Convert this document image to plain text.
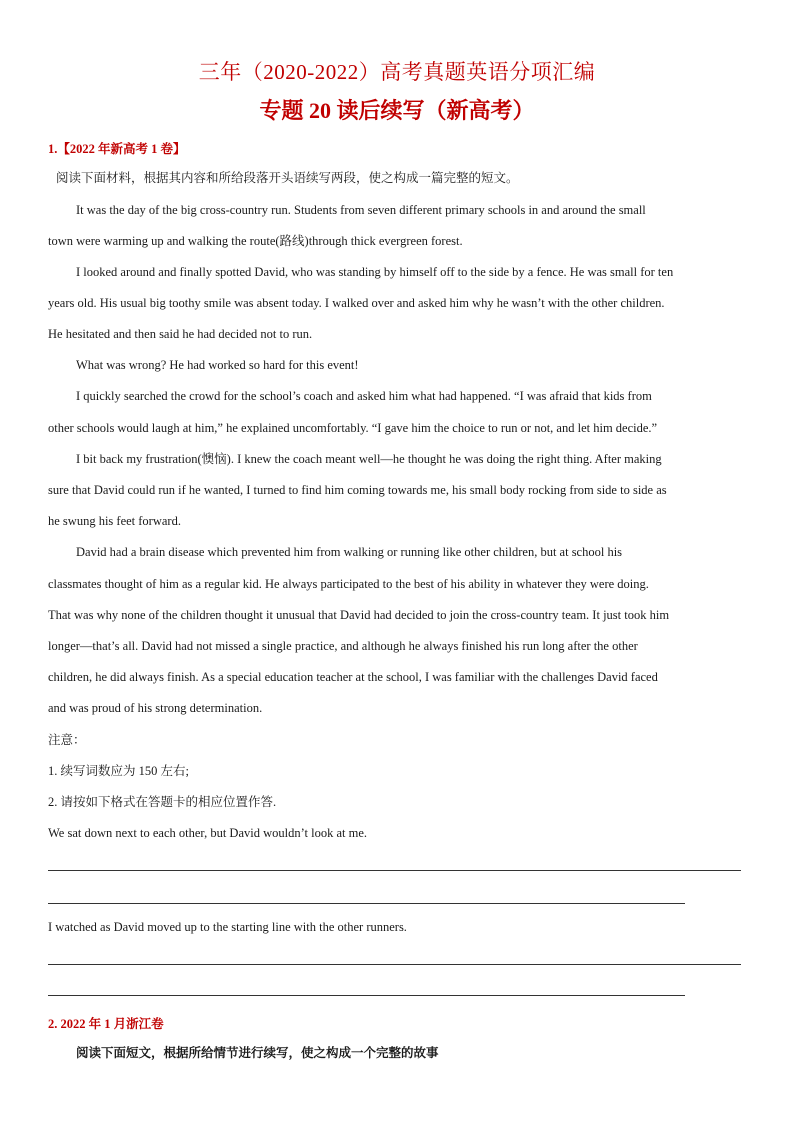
三年（2020-2022）高考真题英语分项汇编
专题 20 读后续写（新高考）
1.【2022 年新高考 1 卷】
阅读下面材料，根据其内容和所给段落开头语续写两段，使之构成一篇完整的短文。
It was the day of the big cross-country run. Students from seven different primary schools in and around the small
town were warming up and walking the route(路线)through thick evergreen forest.
I looked around and finally spotted David, who was standing by himself off to the side by a fence. He was small for ten
years old. His usual big toothy smile was absent today. I walked over and asked him why he wasn’t with the other children.
He hesitated and then said he had decided not to run.
What was wrong? He had worked so hard for this event!
I quickly searched the crowd for the school’s coach and asked him what had happened. “I was afraid that kids from
other schools would laugh at him,” he explained uncomfortably. “I gave him the choice to run or not, and let him decide.”
I bit back my frustration(懊恼). I knew the coach meant well—he thought he was doing the right thing. After making
sure that David could run if he wanted, I turned to find him coming towards me, his small body rocking from side to side as
he swung his feet forward.
David had a brain disease which prevented him from walking or running like other children, but at school his
classmates thought of him as a regular kid. He always participated to the best of his ability in whatever they were doing.
That was why none of the children thought it unusual that David had decided to join the cross-country team. It just took him
longer—that’s all. David had not missed a single practice, and although he always finished his run long after the other
children, he did always finish. As a special education teacher at the school, I was familiar with the challenges David faced
and was proud of his strong determination.
注意：
1. 续写词数应为 150 左右;
2. 请按如下格式在答题卡的相应位置作答.
We sat down next to each other, but David wouldn’t look at me.
I watched as David moved up to the starting line with the other runners.
2. 2022 年 1 月浙江卷
阅读下面短文，根据所给情节进行续写，使之构成一个完整的故事
